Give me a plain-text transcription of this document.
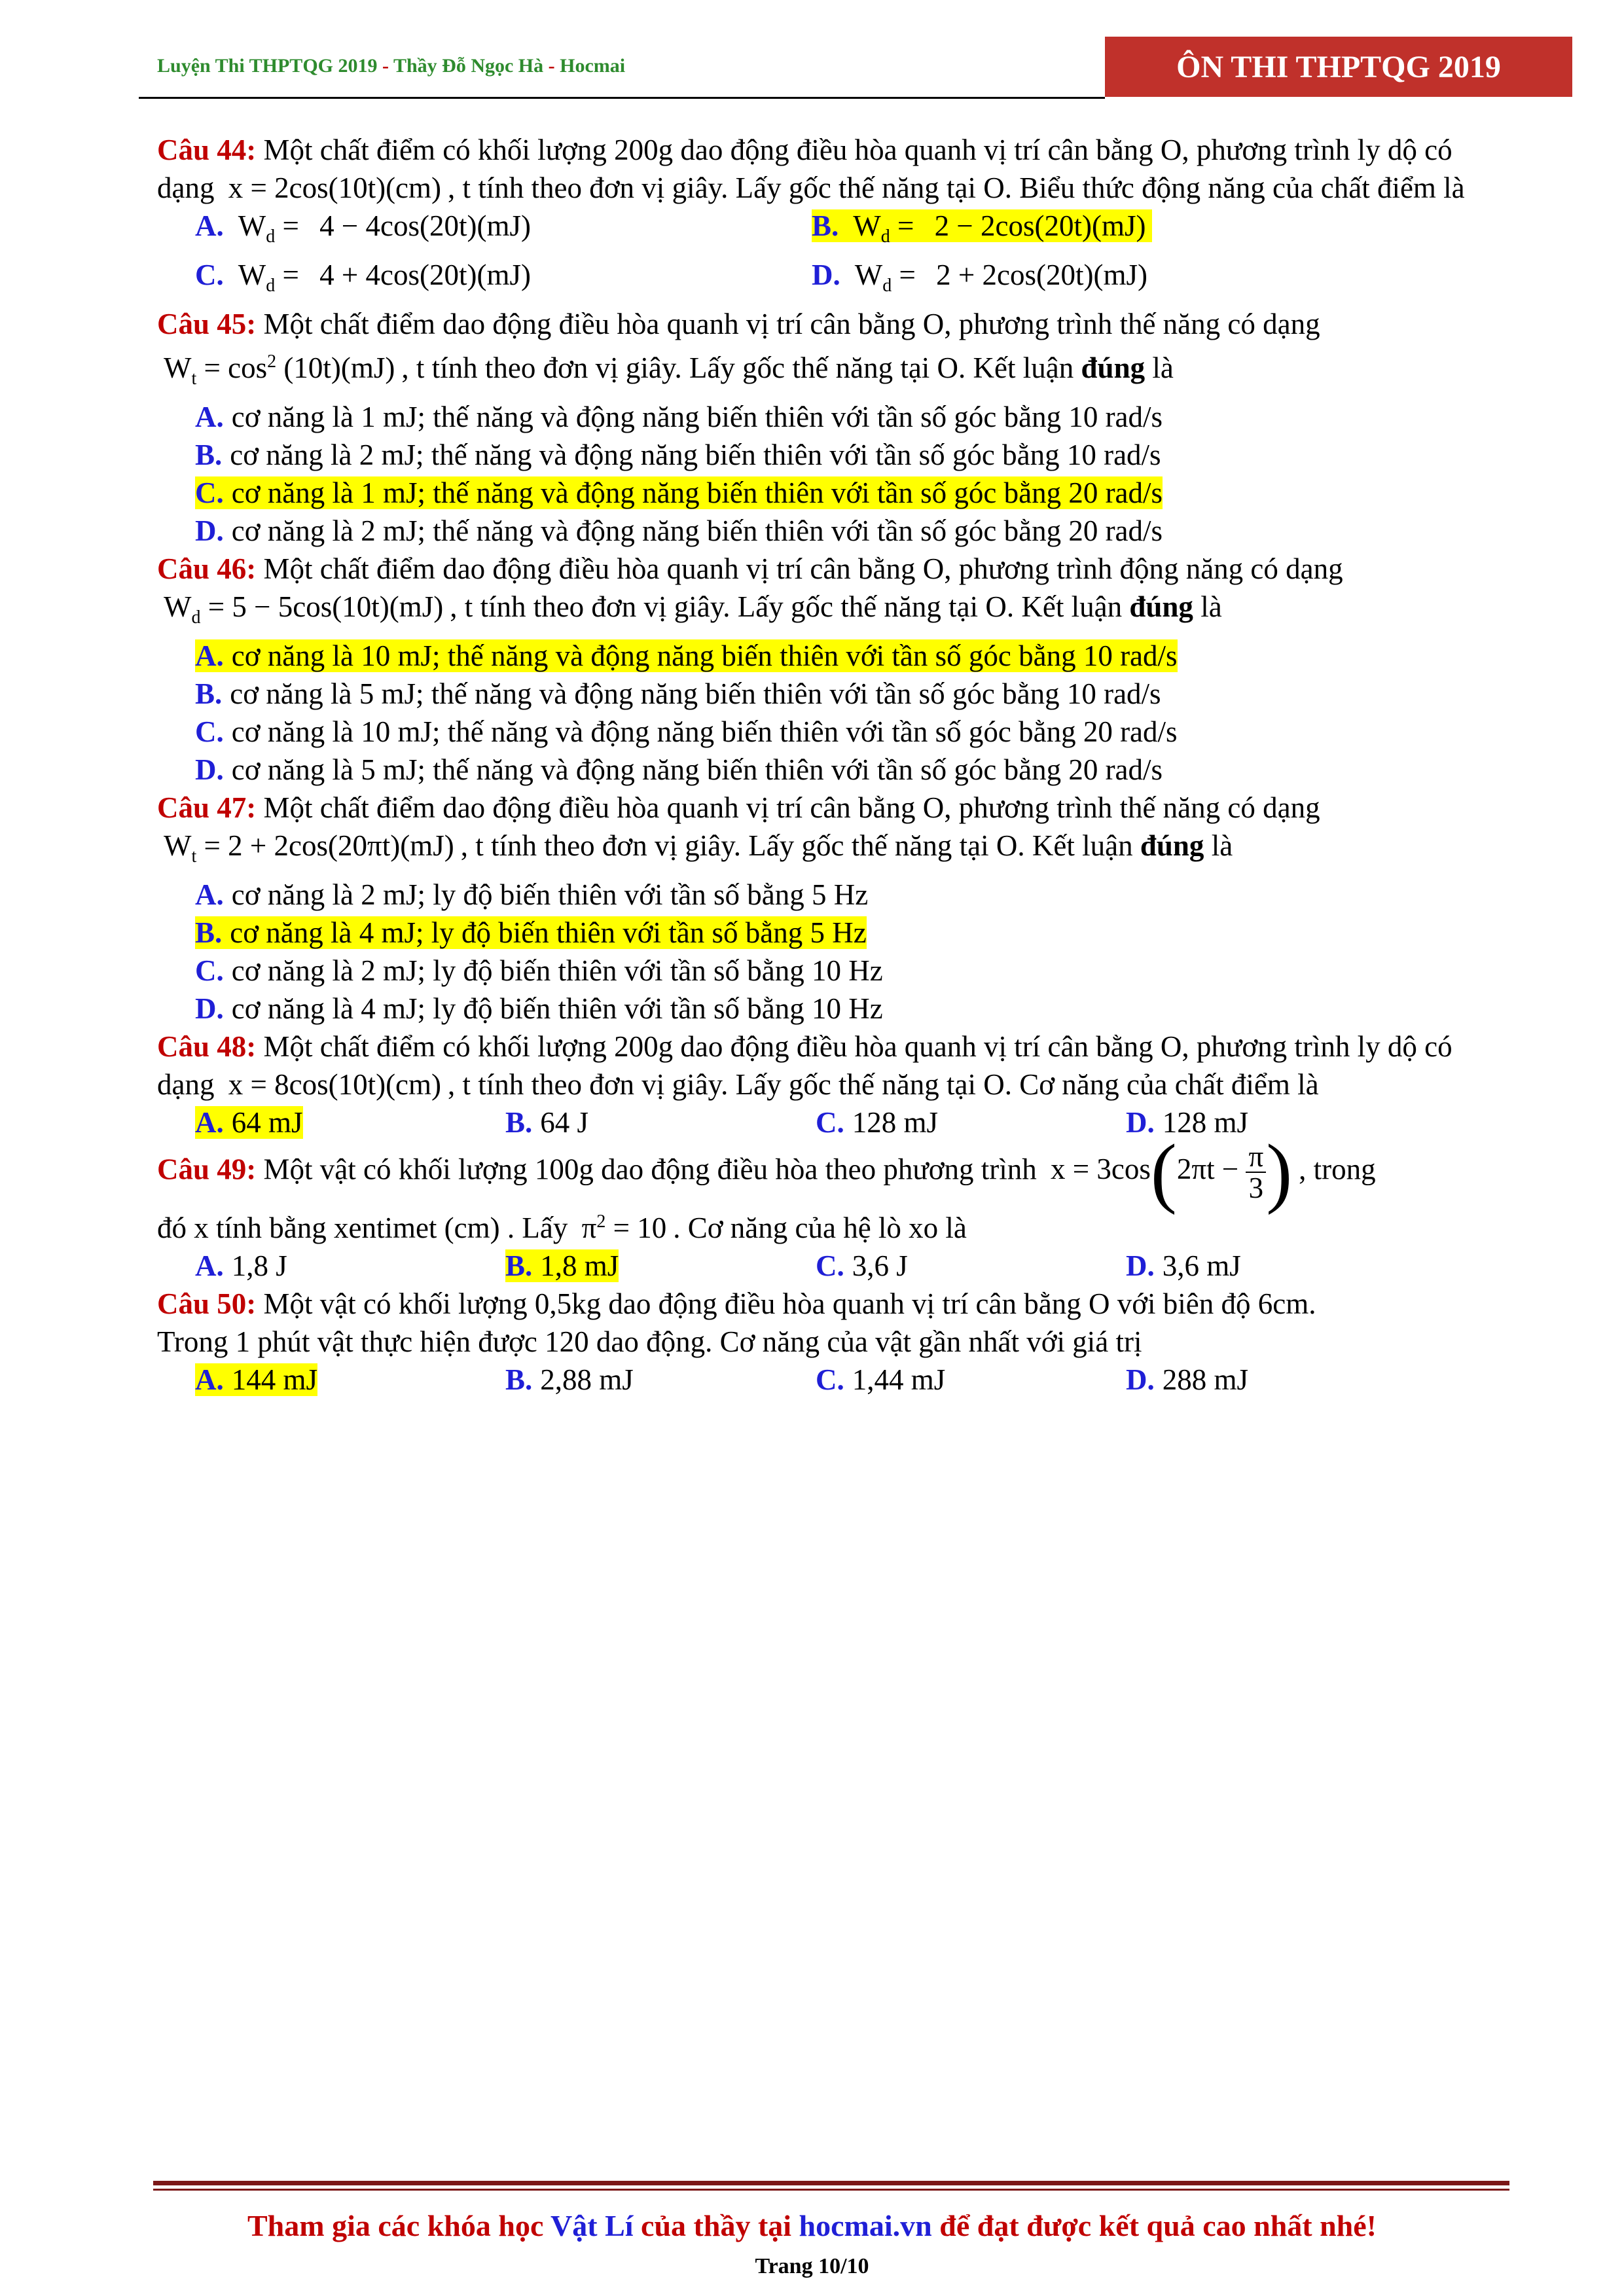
Luyện Thi THPTQG 2019 - Thầy Đỗ Ngọc Hà - Hocmai	ÔN THI THPTQG 2019

Câu 44: Một chất điểm có khối lượng 200g dao động điều hòa quanh vị trí cân bằng O, phương trình ly dộ có dạng x = 2cos(10t)(cm) , t tính theo đơn vị giây. Lấy gốc thế năng tại O. Biểu thức động năng của chất điểm là

A. $W_d = 4 - 4\cos(20t)(mJ)$	B. $W_d = 2 - 2\cos(20t)(mJ)$

C. $W_d = 4 + 4\cos(20t)(mJ)$	D. $W_d = 2 + 2\cos(20t)(mJ)$

Câu 45: Một chất điểm dao động điều hòa quanh vị trí cân bằng O, phương trình thế năng có dạng
$W_t = \cos^2 (10t)(mJ)$ , t tính theo đơn vị giây. Lấy gốc thế năng tại O. Kết luận đúng là

A. cơ năng là 1 mJ; thế năng và động năng biến thiên với tần số góc bằng 10 rad/s

B. cơ năng là 2 mJ; thế năng và động năng biến thiên với tần số góc bằng 10 rad/s

C. cơ năng là 1 mJ; thế năng và động năng biến thiên với tần số góc bằng 20 rad/s

D. cơ năng là 2 mJ; thế năng và động năng biến thiên với tần số góc bằng 20 rad/s

Câu 46: Một chất điểm dao động điều hòa quanh vị trí cân bằng O, phương trình động năng có dạng
$W_d = 5 - 5\cos(10t)(mJ)$ , t tính theo đơn vị giây. Lấy gốc thế năng tại O. Kết luận đúng là

A. cơ năng là 10 mJ; thế năng và động năng biến thiên với tần số góc bằng 10 rad/s

B. cơ năng là 5 mJ; thế năng và động năng biến thiên với tần số góc bằng 10 rad/s

C. cơ năng là 10 mJ; thế năng và động năng biến thiên với tần số góc bằng 20 rad/s

D. cơ năng là 5 mJ; thế năng và động năng biến thiên với tần số góc bằng 20 rad/s

Câu 47: Một chất điểm dao động điều hòa quanh vị trí cân bằng O, phương trình thế năng có dạng
$W_t = 2 + 2\cos(20\pi t)(mJ)$ , t tính theo đơn vị giây. Lấy gốc thế năng tại O. Kết luận đúng là

A. cơ năng là 2 mJ; ly độ biến thiên với tần số bằng 5 Hz

B. cơ năng là 4 mJ; ly độ biến thiên với tần số bằng 5 Hz

C. cơ năng là 2 mJ; ly độ biến thiên với tần số bằng 10 Hz

D. cơ năng là 4 mJ; ly độ biến thiên với tần số bằng 10 Hz

Câu 48: Một chất điểm có khối lượng 200g dao động điều hòa quanh vị trí cân bằng O, phương trình ly dộ có dạng x = 8cos(10t)(cm) , t tính theo đơn vị giây. Lấy gốc thế năng tại O. Cơ năng của chất điểm là

A. 64 mJ	B. 64 J	C. 128 mJ	D. 128 mJ

Câu 49: Một vật có khối lượng 100g dao động điều hòa theo phương trình $x = 3\cos(2\pi t - \frac{\pi}{3}$ ) , trong

đó x tính bằng xentimet (cm) . Lấy $\pi^2 = 10$ . Cơ năng của hệ lò xo là

A. 1,8 J	B. 1,8 mJ	C. 3,6 J	D. 3,6 mJ

Câu 50: Một vật có khối lượng 0,5kg dao động điều hòa quanh vị trí cân bằng O với biên độ 6cm.
Trong 1 phút vật thực hiện được 120 dao động. Cơ năng của vật gần nhất với giá trị

A. 144 mJ	B. 2,88 mJ	C. 1,44 mJ	D. 288 mJ

Tham gia các khóa học Vật Lí của thầy tại hocmai.vn để đạt được kết quả cao nhất nhé!
Trang 10/10
